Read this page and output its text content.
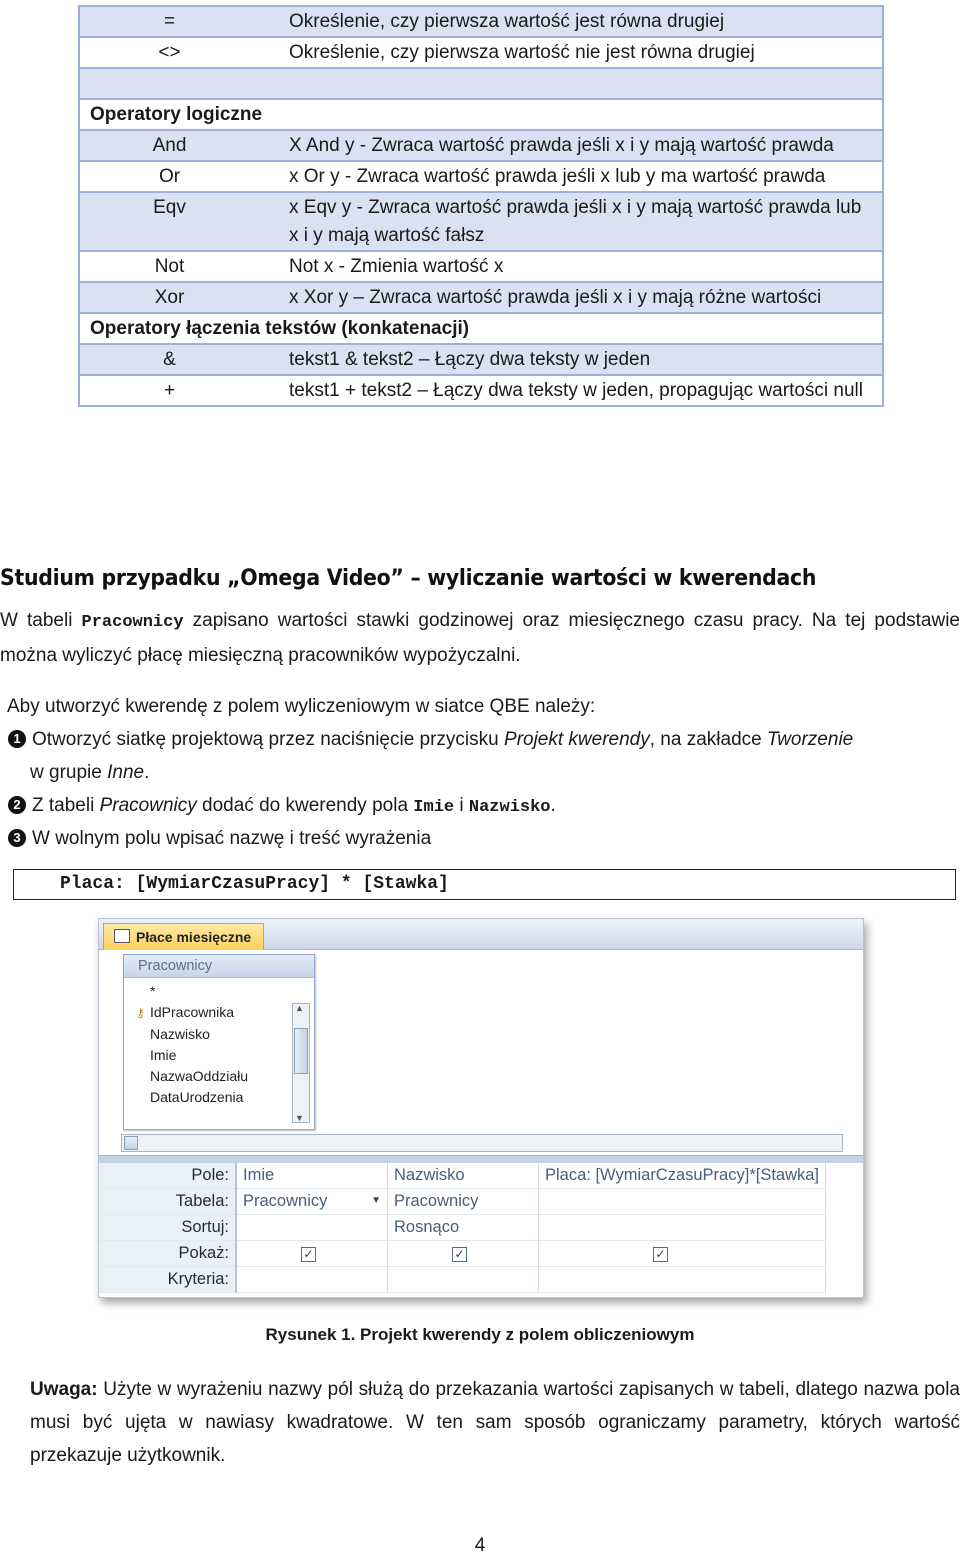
=	Określenie, czy pierwsza wartość jest równa drugiej
<>	Określenie, czy pierwsza wartość nie jest równa drugiej

Operatory logiczne	
And	X And y - Zwraca wartość prawda jeśli x i y mają wartość prawda
Or	x Or y - Zwraca wartość prawda jeśli x lub y ma wartość prawda
Eqv	x Eqv y - Zwraca wartość prawda jeśli x i y mają wartość prawda lub x i y mają wartość fałsz
Not	Not x - Zmienia wartość x
Xor	x Xor y – Zwraca wartość prawda jeśli x i y mają różne wartości
Operatory łączenia tekstów (konkatenacji)	
&	tekst1 & tekst2 – Łączy dwa teksty w jeden
+	tekst1 + tekst2 – Łączy dwa teksty w jeden, propagując wartości null
Studium przypadku „Omega Video” – wyliczanie wartości w kwerendach
W tabeli Pracownicy zapisano wartości stawki godzinowej oraz miesięcznego czasu pracy. Na tej podstawie można wyliczyć płacę miesięczną pracowników wypożyczalni.
Aby utworzyć kwerendę z polem wyliczeniowym w siatce QBE należy:
1 Otworzyć siatkę projektową przez naciśnięcie przycisku Projekt kwerendy, na zakładce Tworzenie
w grupie Inne.
2 Z tabeli Pracownicy dodać do kwerendy pola Imie i Nazwisko.
3 W wolnym polu wpisać nazwę i treść wyrażenia
Placa: [WymiarCzasuPracy] * [Stawka]
Płace miesięczne
Pracownicy
*
⚷ IdPracownika
Nazwisko
Imie
NazwaOddziału
DataUrodzenia
▲
▼
Pole:	Imie	Nazwisko	Placa: [WymiarCzasuPracy]*[Stawka]
Tabela:	Pracownicy ▼	Pracownicy	
Sortuj:		Rosnąco	
Pokaż:	✓	✓	✓
Kryteria:			
Rysunek 1. Projekt kwerendy z polem obliczeniowym
Uwaga: Użyte w wyrażeniu nazwy pól służą do przekazania wartości zapisanych w tabeli, dlatego nazwa pola musi być ujęta w nawiasy kwadratowe. W ten sam sposób ograniczamy parametry, których wartość przekazuje użytkownik.
4
